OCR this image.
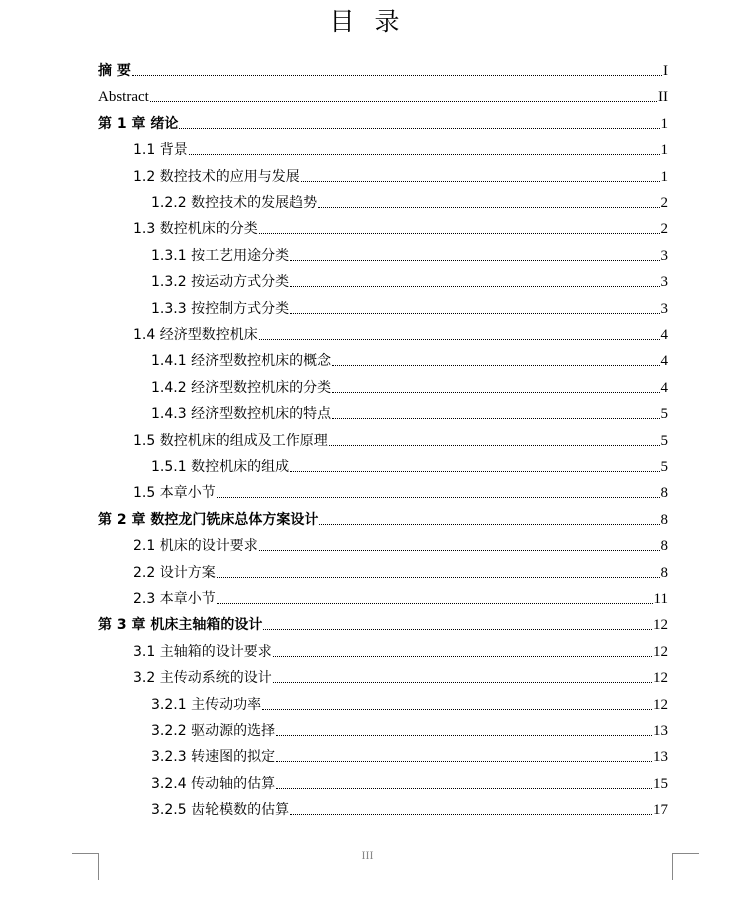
目 录
摘 要	I
Abstract	II
第 1 章 绪论	1
1.1 背景	1
1.2 数控技术的应用与发展	1
1.2.2 数控技术的发展趋势	2
1.3 数控机床的分类	2
1.3.1 按工艺用途分类	3
1.3.2 按运动方式分类	3
1.3.3 按控制方式分类	3
1.4 经济型数控机床	4
1.4.1 经济型数控机床的概念	4
1.4.2 经济型数控机床的分类	4
1.4.3 经济型数控机床的特点	5
1.5 数控机床的组成及工作原理	5
1.5.1 数控机床的组成	5
1.5 本章小节	8
第 2 章 数控龙门铣床总体方案设计	8
2.1 机床的设计要求	8
2.2 设计方案	8
2.3 本章小节	11
第 3 章 机床主轴箱的设计	12
3.1 主轴箱的设计要求	12
3.2 主传动系统的设计	12
3.2.1 主传动功率	12
3.2.2 驱动源的选择	13
3.2.3 转速图的拟定	13
3.2.4 传动轴的估算	15
3.2.5 齿轮模数的估算	17
III
